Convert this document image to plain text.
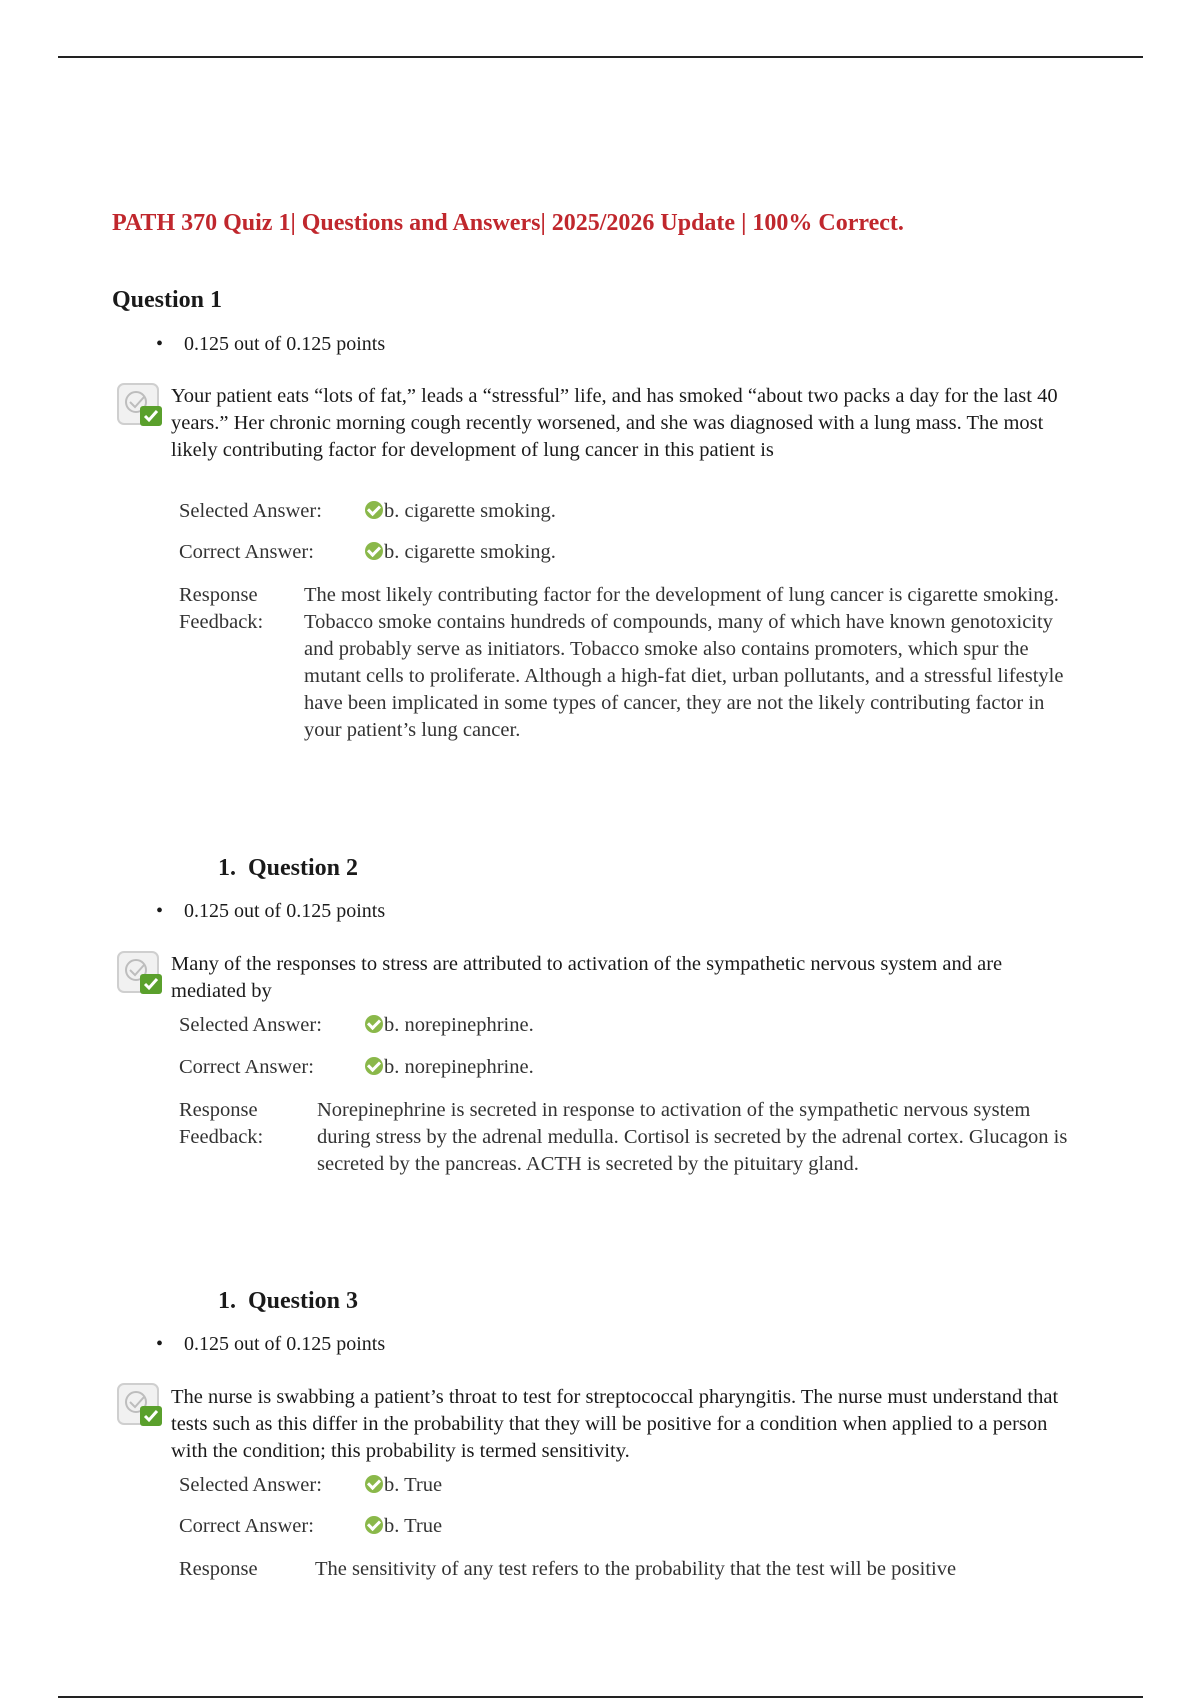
PATH 370 Quiz 1| Questions and Answers| 2025/2026 Update | 100% Correct.
Question 1
• 0.125 out of 0.125 points
Your patient eats “lots of fat,” leads a “stressful” life, and has smoked “about two packs a day for the last 40 years.” Her chronic morning cough recently worsened, and she was diagnosed with a lung mass. The most likely contributing factor for development of lung cancer in this patient is
Selected Answer:	b. cigarette smoking.
Correct Answer:	b. cigarette smoking.
Response
Feedback:
The most likely contributing factor for the development of lung cancer is cigarette smoking. Tobacco smoke contains hundreds of compounds, many of which have known genotoxicity and probably serve as initiators. Tobacco smoke also contains promoters, which spur the mutant cells to proliferate. Although a high-fat diet, urban pollutants, and a stressful lifestyle have been implicated in some types of cancer, they are not the likely contributing factor in your patient’s lung cancer.
1. Question 2
• 0.125 out of 0.125 points
Many of the responses to stress are attributed to activation of the sympathetic nervous system and are mediated by
Selected Answer:	b. norepinephrine.
Correct Answer:	b. norepinephrine.
Response
Feedback:
Norepinephrine is secreted in response to activation of the sympathetic nervous system during stress by the adrenal medulla. Cortisol is secreted by the adrenal cortex. Glucagon is secreted by the pancreas. ACTH is secreted by the pituitary gland.
1. Question 3
• 0.125 out of 0.125 points
The nurse is swabbing a patient’s throat to test for streptococcal pharyngitis. The nurse must understand that tests such as this differ in the probability that they will be positive for a condition when applied to a person with the condition; this probability is termed sensitivity.
Selected Answer:	b. True
Correct Answer:	b. True
Response	The sensitivity of any test refers to the probability that the test will be positive
